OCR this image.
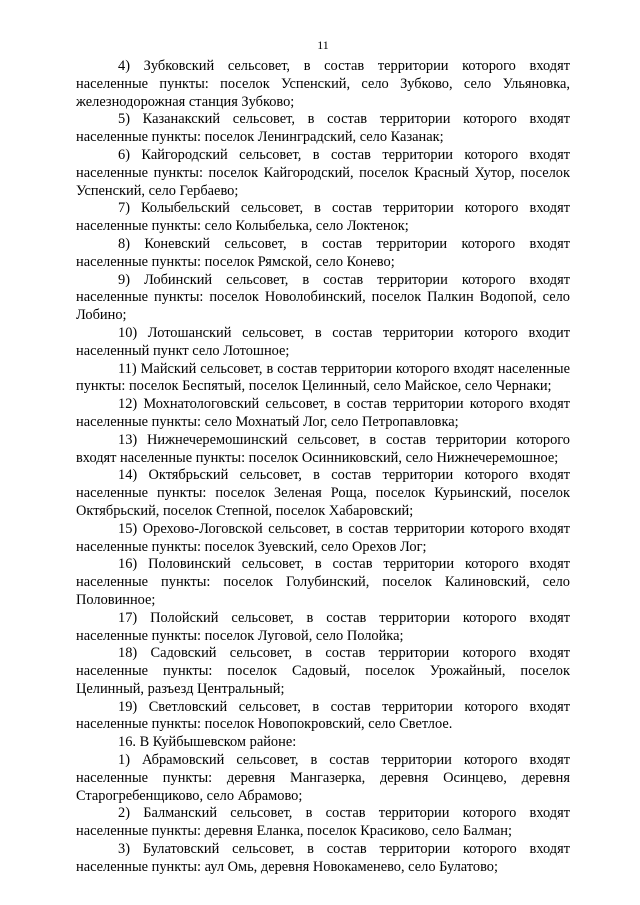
11

4) Зубковский сельсовет, в состав территории которого входят населенные пункты: поселок Успенский, село Зубково, село Ульяновка, железнодорожная станция Зубково;

5) Казанакский сельсовет, в состав территории которого входят населенные пункты: поселок Ленинградский, село Казанак;

6) Кайгородский сельсовет, в состав территории которого входят населенные пункты: поселок Кайгородский, поселок Красный Хутор, поселок Успенский, село Гербаево;

7) Колыбельский сельсовет, в состав территории которого входят населенные пункты: село Колыбелька, село Локтенок;

8) Коневский сельсовет, в состав территории которого входят населенные пункты: поселок Рямской, село Конево;

9) Лобинский сельсовет, в состав территории которого входят населенные пункты: поселок Новолобинский, поселок Палкин Водопой, село Лобино;

10) Лотошанский сельсовет, в состав территории которого входит населенный пункт село Лотошное;

11) Майский сельсовет, в состав территории которого входят населенные пункты: поселок Беспятый, поселок Целинный, село Майское, село Чернаки;

12) Мохнатологовский сельсовет, в состав территории которого входят населенные пункты: село Мохнатый Лог, село Петропавловка;

13) Нижнечеремошинский сельсовет, в состав территории которого входят населенные пункты: поселок Осинниковский, село Нижнечеремошное;

14) Октябрьский сельсовет, в состав территории которого входят населенные пункты: поселок Зеленая Роща, поселок Курьинский, поселок Октябрьский, поселок Степной, поселок Хабаровский;

15) Орехово-Логовской сельсовет, в состав территории которого входят населенные пункты: поселок Зуевский, село Орехов Лог;

16) Половинский сельсовет, в состав территории которого входят населенные пункты: поселок Голубинский, поселок Калиновский, село Половинное;

17) Полойский сельсовет, в состав территории которого входят населенные пункты: поселок Луговой, село Полойка;

18) Садовский сельсовет, в состав территории которого входят населенные пункты: поселок Садовый, поселок Урожайный, поселок Целинный, разъезд Центральный;

19) Светловский сельсовет, в состав территории которого входят населенные пункты: поселок Новопокровский, село Светлое.

16. В Куйбышевском районе:

1) Абрамовский сельсовет, в состав территории которого входят населенные пункты: деревня Мангазерка, деревня Осинцево, деревня Старогребенщиково, село Абрамово;

2) Балманский сельсовет, в состав территории которого входят населенные пункты: деревня Еланка, поселок Красиково, село Балман;

3) Булатовский сельсовет, в состав территории которого входят населенные пункты: аул Омь, деревня Новокаменево, село Булатово;
